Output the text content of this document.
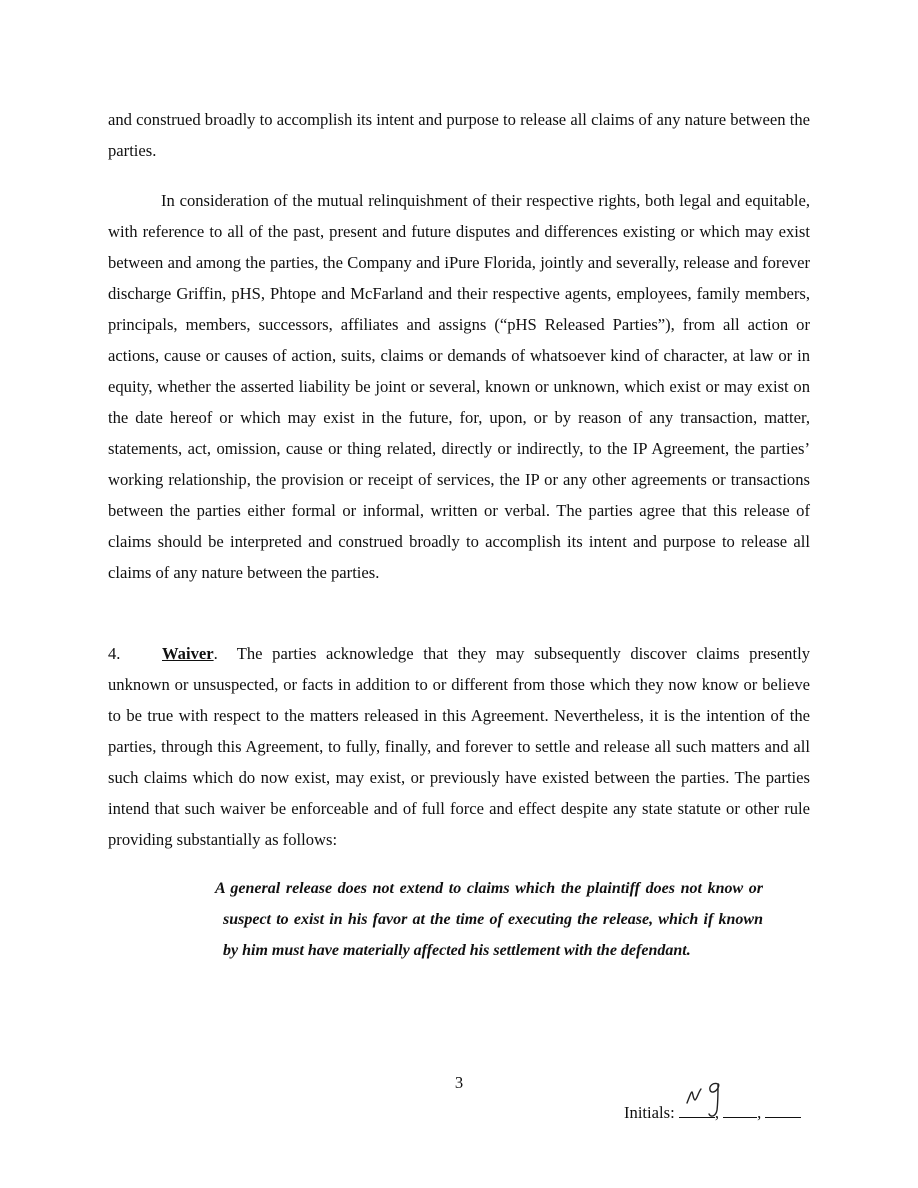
and construed broadly to accomplish its intent and purpose to release all claims of any nature between the parties.

In consideration of the mutual relinquishment of their respective rights, both legal and equitable, with reference to all of the past, present and future disputes and differences existing or which may exist between and among the parties, the Company and iPure Florida, jointly and severally, release and forever discharge Griffin, pHS, Phtope and McFarland and their respective agents, employees, family members, principals, members, successors, affiliates and assigns (“pHS Released Parties”), from all action or actions, cause or causes of action, suits, claims or demands of whatsoever kind of character, at law or in equity, whether the asserted liability be joint or several, known or unknown, which exist or may exist on the date hereof or which may exist in the future, for, upon, or by reason of any transaction, matter, statements, act, omission, cause or thing related, directly or indirectly, to the IP Agreement, the parties’ working relationship, the provision or receipt of services, the IP or any other agreements or transactions between the parties either formal or informal, written or verbal. The parties agree that this release of claims should be interpreted and construed broadly to accomplish its intent and purpose to release all claims of any nature between the parties.

4.	Waiver. The parties acknowledge that they may subsequently discover claims presently unknown or unsuspected, or facts in addition to or different from those which they now know or believe to be true with respect to the matters released in this Agreement. Nevertheless, it is the intention of the parties, through this Agreement, to fully, finally, and forever to settle and release all such matters and all such claims which do now exist, may exist, or previously have existed between the parties. The parties intend that such waiver be enforceable and of full force and effect despite any state statute or other rule providing substantially as follows:

A general release does not extend to claims which the plaintiff does not know or suspect to exist in his favor at the time of executing the release, which if known by him must have materially affected his settlement with the defendant.

3
Initials: , ,
